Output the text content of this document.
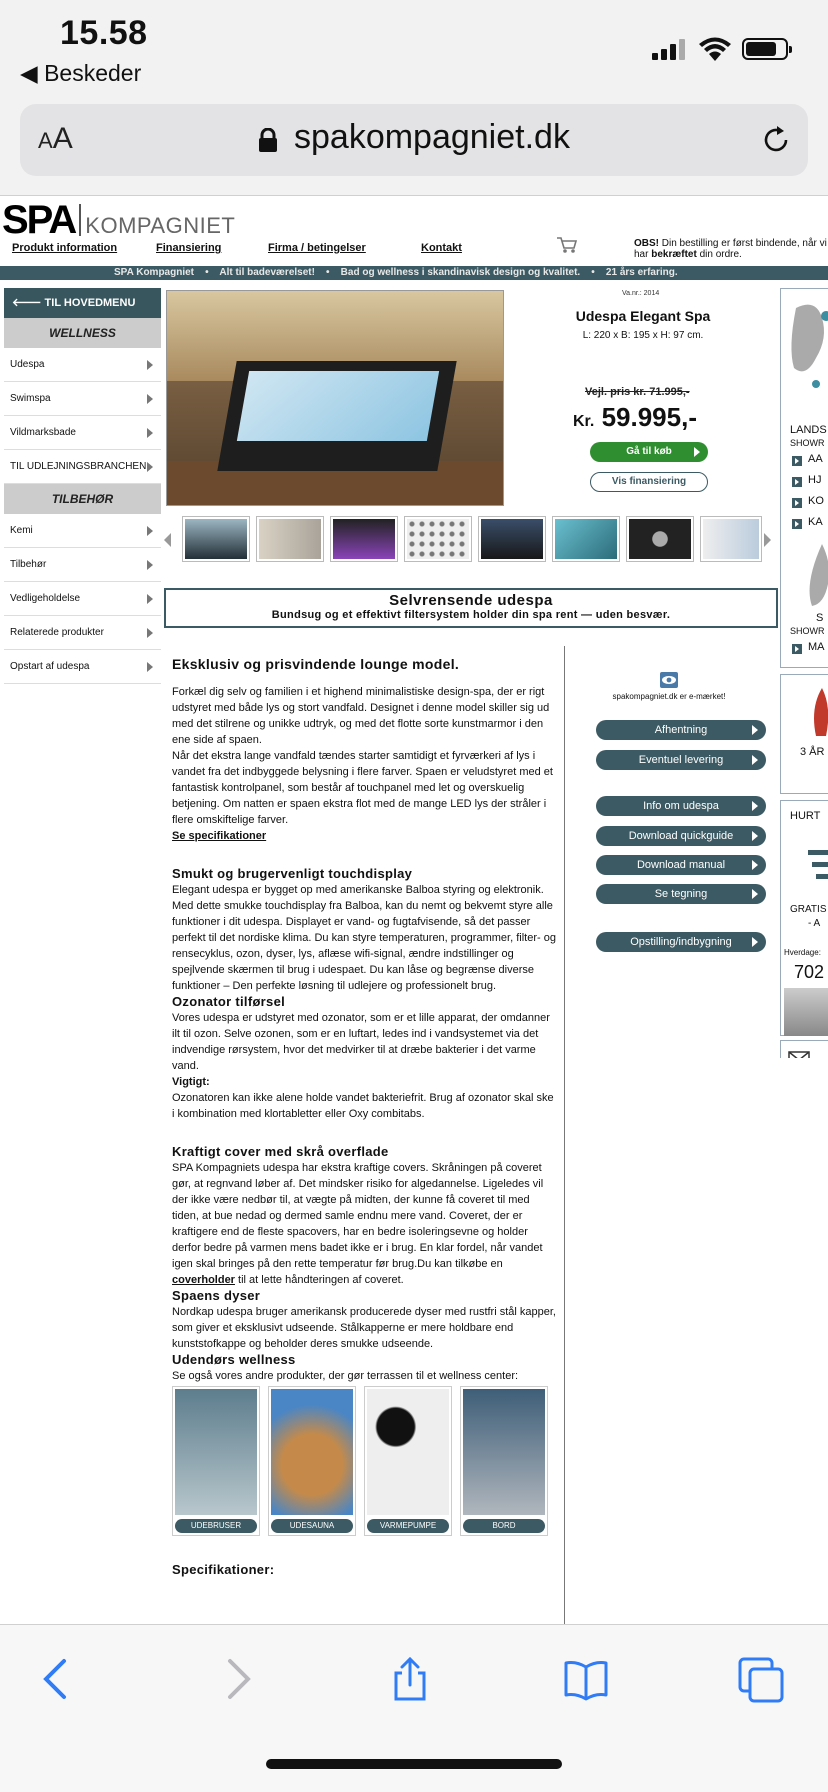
15.58
◀ Beskeder
AA	spakompagniet.dk
SPA KOMPAGNIET
Produkt information	Finansiering	Firma / betingelser	Kontakt	OBS! Din bestilling er først bindende, når vi har bekræftet din ordre.
SPA Kompagniet    •    Alt til badeværelset!    •    Bad og wellness i skandinavisk design og kvalitet.    •    21 års erfaring.
🡐 TIL HOVEDMENU
WELLNESS
Udespa
Swimspa
Vildmarksbade
TIL UDLEJNINGSBRANCHEN
TILBEHØR
Kemi
Tilbehør
Vedligeholdelse
Relaterede produkter
Opstart af udespa
Va.nr.: 2014
Udespa Elegant Spa
L: 220 x B: 195 x H: 97 cm.
Vejl. pris kr. 71.995,-
Kr. 59.995,-
Gå til køb
Vis finansiering
Selvrensende udespa
Bundsug og et effektivt filtersystem holder din spa rent — uden besvær.
Eksklusiv og prisvindende lounge model.

Forkæl dig selv og familien i et highend minimalistiske design-spa, der er rigt udstyret med både lys og stort vandfald. Designet i denne model skiller sig ud med det stilrene og unikke udtryk, og med det flotte sorte kunstmarmor i den ene side af spaen.

Når det ekstra lange vandfald tændes starter samtidigt et fyrværkeri af lys i vandet fra det indbyggede belysning i flere farver. Spaen er veludstyret med et fantastisk kontrolpanel, som består af touchpanel med let og overskuelig betjening. Om natten er spaen ekstra flot med de mange LED lys der stråler i flere omskiftelige farver.

Se specifikationer

Smukt og brugervenligt touchdisplay

Elegant udespa er bygget op med amerikanske Balboa styring og elektronik. Med dette smukke touchdisplay fra Balboa, kan du nemt og bekvemt styre alle funktioner i dit udespa. Displayet er vand- og fugtafvisende, så det passer perfekt til det nordiske klima. Du kan styre temperaturen, programmer, filter- og rensecyklus, ozon, dyser, lys, aflæse wifi-signal, ændre indstillinger og spejlvende skærmen til brug i udespaet. Du kan låse og begrænse diverse funktioner – Den perfekte løsning til udlejere og professionelt brug.

Ozonator tilførsel

Vores udespa er udstyret med ozonator, som er et lille apparat, der omdanner ilt til ozon. Selve ozonen, som er en luftart, ledes ind i vandsystemet via det indvendige rørsystem, hvor det medvirker til at dræbe bakterier i det varme vand.

Vigtigt:

Ozonatoren kan ikke alene holde vandet bakteriefrit. Brug af ozonator skal ske i kombination med klortabletter eller Oxy combitabs.

Kraftigt cover med skrå overflade

SPA Kompagniets udespa har ekstra kraftige covers. Skråningen på coveret gør, at regnvand løber af. Det mindsker risiko for algedannelse. Ligeledes vil der ikke være nedbør til, at vægte på midten, der kunne få coveret til med tiden, at bue nedad og dermed samle endnu mere vand. Coveret, der er kraftigere end de fleste spacovers, har en bedre isoleringsevne og holder derfor bedre på varmen mens badet ikke er i brug. En klar fordel, når vandet igen skal bringes på den rette temperatur før brug.Du kan tilkøbe en coverholder til at lette håndteringen af coveret.

Spaens dyser

Nordkap udespa bruger amerikansk producerede dyser med rustfri stål kapper, som giver et eksklusivt udseende. Stålkapperne er mere holdbare end kunststofkappe og beholder deres smukke udseende.

Udendørs wellness

Se også vores andre produkter, der gør terrassen til et wellness center:

UDEBRUSER	UDESAUNA	VARMEPUMPE	BORD
Specifikationer:
spakompagniet.dk er e-mærket!
Afhentning
Eventuel levering
Info om udespa
Download quickguide
Download manual
Se tegning
Opstilling/indbygning
LANDS
SHOWR
AA
HJ
KO
KA
S
SHOWR
MA
3 ÅR
HURT
GRATIS
- A
Hverdage:
702
